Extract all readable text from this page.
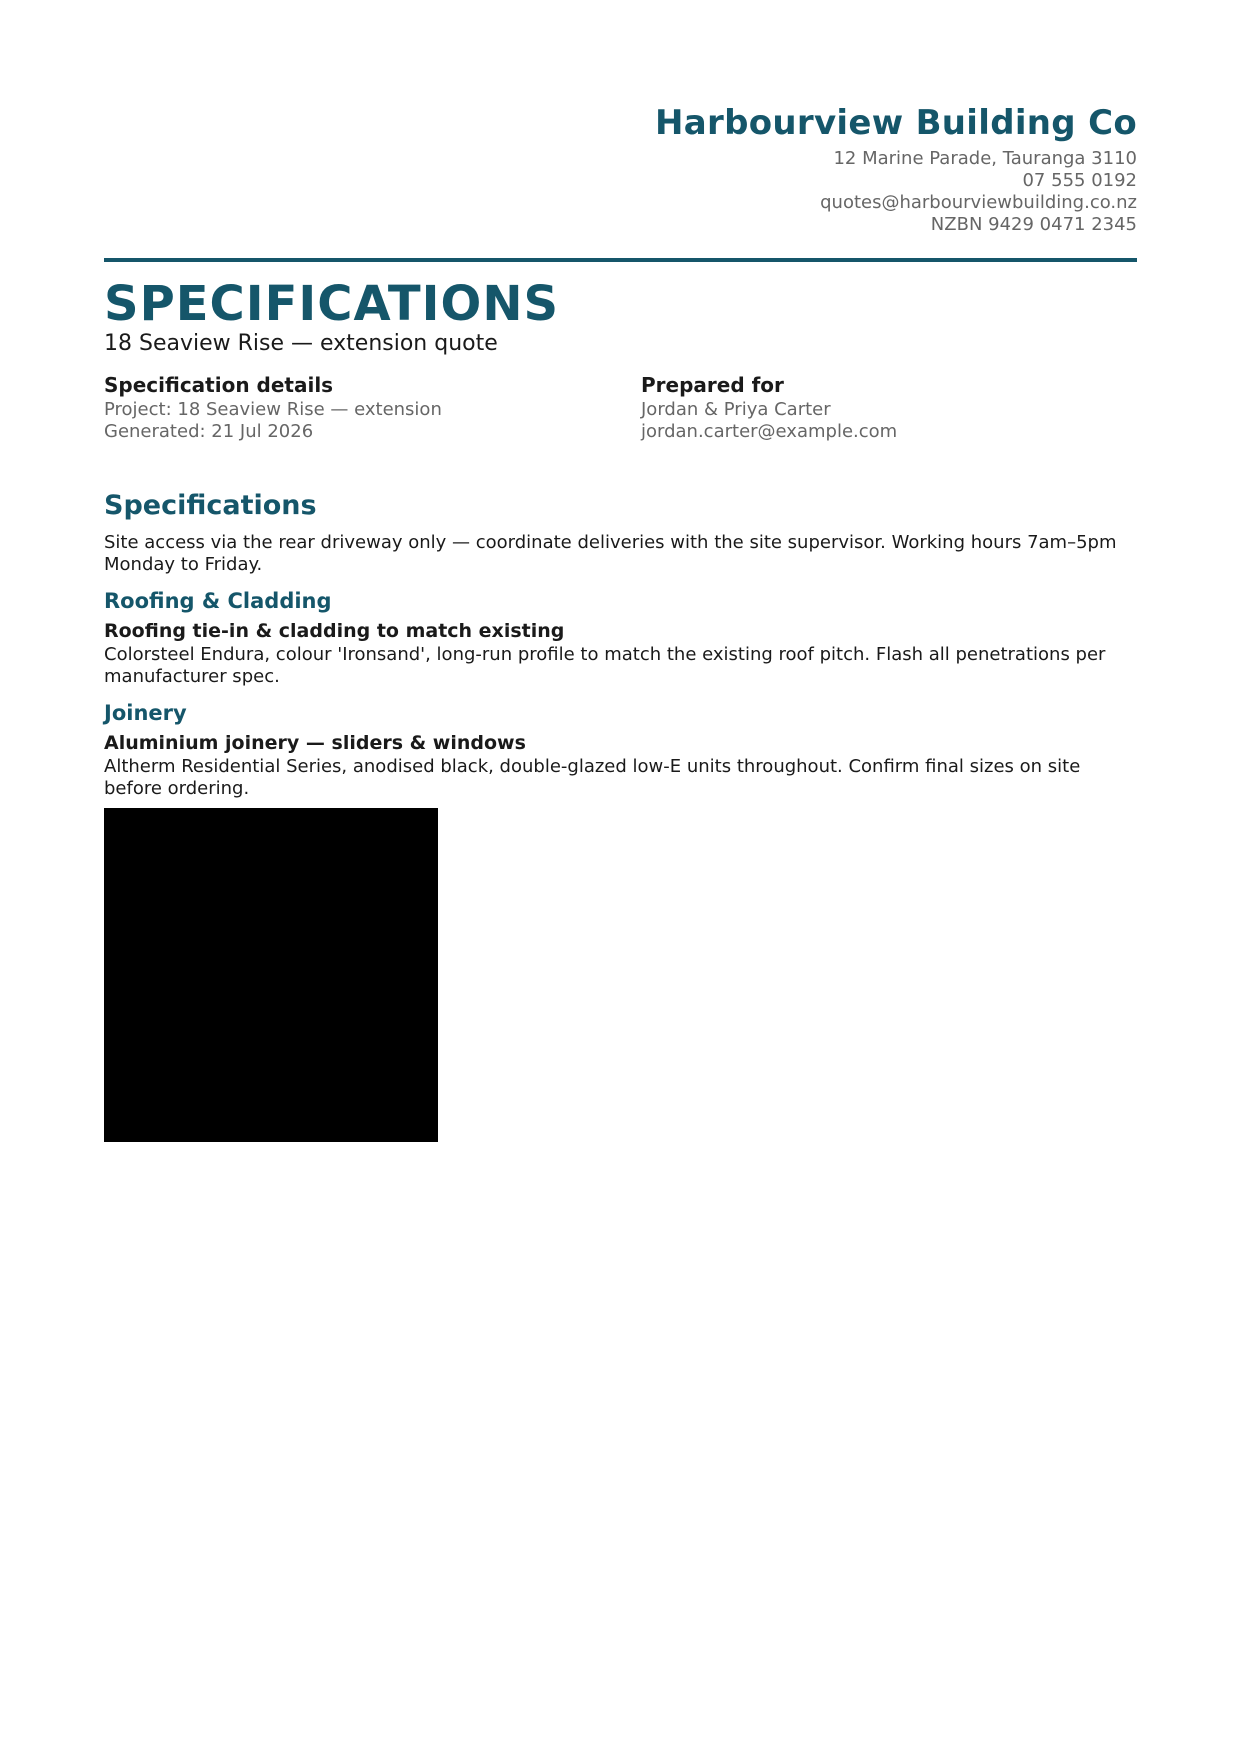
Harbourview Building Co
12 Marine Parade, Tauranga 3110
07 555 0192
quotes@harbourviewbuilding.co.nz
NZBN 9429 0471 2345
SPECIFICATIONS
18 Seaview Rise — extension quote
Specification details
Project: 18 Seaview Rise — extension
Generated: 21 Jul 2026
Prepared for
Jordan & Priya Carter
jordan.carter@example.com
Specifications
Site access via the rear driveway only — coordinate deliveries with the site supervisor. Working hours 7am–5pm Monday to Friday.
Roofing & Cladding
Roofing tie-in & cladding to match existing
Colorsteel Endura, colour 'Ironsand', long-run profile to match the existing roof pitch. Flash all penetrations per manufacturer spec.
Joinery
Aluminium joinery — sliders & windows
Altherm Residential Series, anodised black, double-glazed low-E units throughout. Confirm final sizes on site before ordering.
